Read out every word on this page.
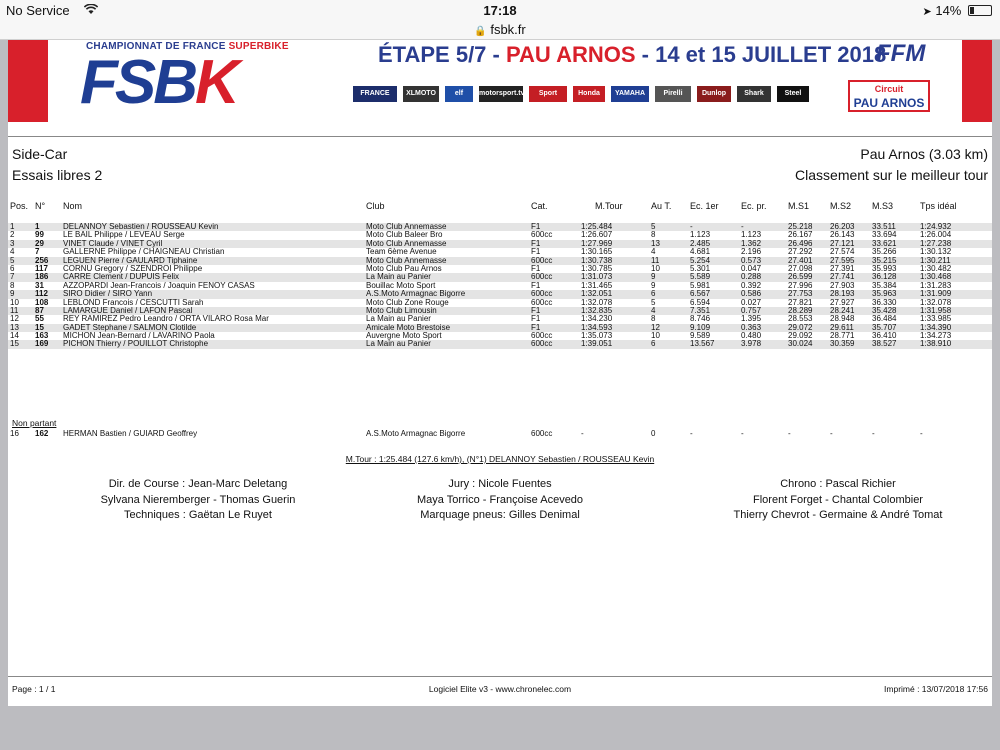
No Service	17:18	➤ 14%
🔒 fsbk.fr
CHAMPIONNAT DE FRANCE SUPERBIKE
FSBK	ÉTAPE 5/7 - PAU ARNOS - 14 et 15 JUILLET 2018
FFM
FRANCE	XLMOTO	elf	motorsport.tv	Sport	Honda	YAMAHA	Pirelli	Dunlop	Shark	Steel	Circuit
PAU ARNOS
Side-Car
Essais libres 2
Pau Arnos (3.03 km)
Classement sur le meilleur tour
Pos. N° Nom	Club	Cat.	M.Tour	Au T. Ec. 1er Ec. pr. M.S1 M.S2 M.S3	Tps idéal
1	1	DELANNOY Sebastien / ROUSSEAU Kevin	Moto Club Annemasse	F1	1:25.484	5	-	-	25.218 26.203 33.511	1:24.932
2	99 LE BAIL Philippe / LEVEAU Serge	Moto Club Baleer Bro	600cc	1:26.607	8	1.123	1.123	26.167 26.143 33.694	1:26.004
3	29 VINET Claude / VINET Cyril	Moto Club Annemasse	F1	1:27.969	13	2.485	1.362	26.496 27.121 33.621	1:27.238
4	7	GALLERNE Philippe / CHAIGNEAU Christian	Team 6ème Avenue	F1	1:30.165	4	4.681	2.196	27.292 27.574 35.266	1:30.132
5	256 LEGUEN Pierre / GAULARD Tiphaine	Moto Club Annemasse	600cc	1:30.738	11	5.254	0.573	27.401 27.595 35.215	1:30.211
6	117 CORNU Gregory / SZENDROI Philippe	Moto Club Pau Arnos	F1	1:30.785	10	5.301	0.047	27.098 27.391 35.993	1:30.482
7	186 CARRE Clement / DUPUIS Felix	La Main au Panier	600cc	1:31.073	9	5.589	0.288	26.599 27.741 36.128	1:30.468
8	31 AZZOPARDI Jean-Francois / Joaquin FENOY CASAS	Bouillac Moto Sport	F1	1:31.465	9	5.981	0.392	27.996 27.903 35.384	1:31.283
9	112 SIRO Didier / SIRO Yann	A.S.Moto Armagnac Bigorre	600cc	1:32.051	6	6.567	0.586	27.753 28.193 35.963	1:31.909
10 108 LEBLOND Francois / CESCUTTI Sarah	Moto Club Zone Rouge	600cc	1:32.078	5	6.594	0.027	27.821 27.927 36.330	1:32.078
11 87 LAMARGUE Daniel / LAFON Pascal	Moto Club Limousin	F1	1:32.835	4	7.351	0.757	28.289 28.241 35.428	1:31.958
12 55 REY RAMIREZ Pedro Leandro / ORTA VILARO Rosa Mar	La Main au Panier	F1	1:34.230	8	8.746	1.395	28.553 28.948 36.484	1:33.985
13 15 GADET Stephane / SALMON Clotilde	Amicale Moto Brestoise	F1	1:34.593	12	9.109	0.363	29.072 29.611 35.707	1:34.390
14 163 MICHON Jean-Bernard / LAVARINO Paola	Auvergne Moto Sport	600cc	1:35.073	10	9.589	0.480	29.092 28.771 36.410	1:34.273
15 169 PICHON Thierry / POUILLOT Christophe	La Main au Panier	600cc	1:39.051	6	13.567	3.978	30.024 30.359 38.527	1:38.910
Non partant
16 162 HERMAN Bastien / GUIARD Geoffrey	A.S.Moto Armagnac Bigorre	600cc	-	0	-	-	-	-	-	-
M.Tour : 1:25.484 (127.6 km/h), (N°1) DELANNOY Sebastien / ROUSSEAU Kevin
Dir. de Course : Jean-Marc Deletang
Sylvana Nieremberger - Thomas Guerin
Techniques : Gaëtan Le Ruyet
Jury : Nicole Fuentes
Maya Torrico - Françoise Acevedo
Marquage pneus: Gilles Denimal
Chrono : Pascal Richier
Florent Forget - Chantal Colombier
Thierry Chevrot - Germaine & André Tomat
Page : 1 / 1	Logiciel Elite v3 - www.chronelec.com	Imprimé : 13/07/2018 17:56
